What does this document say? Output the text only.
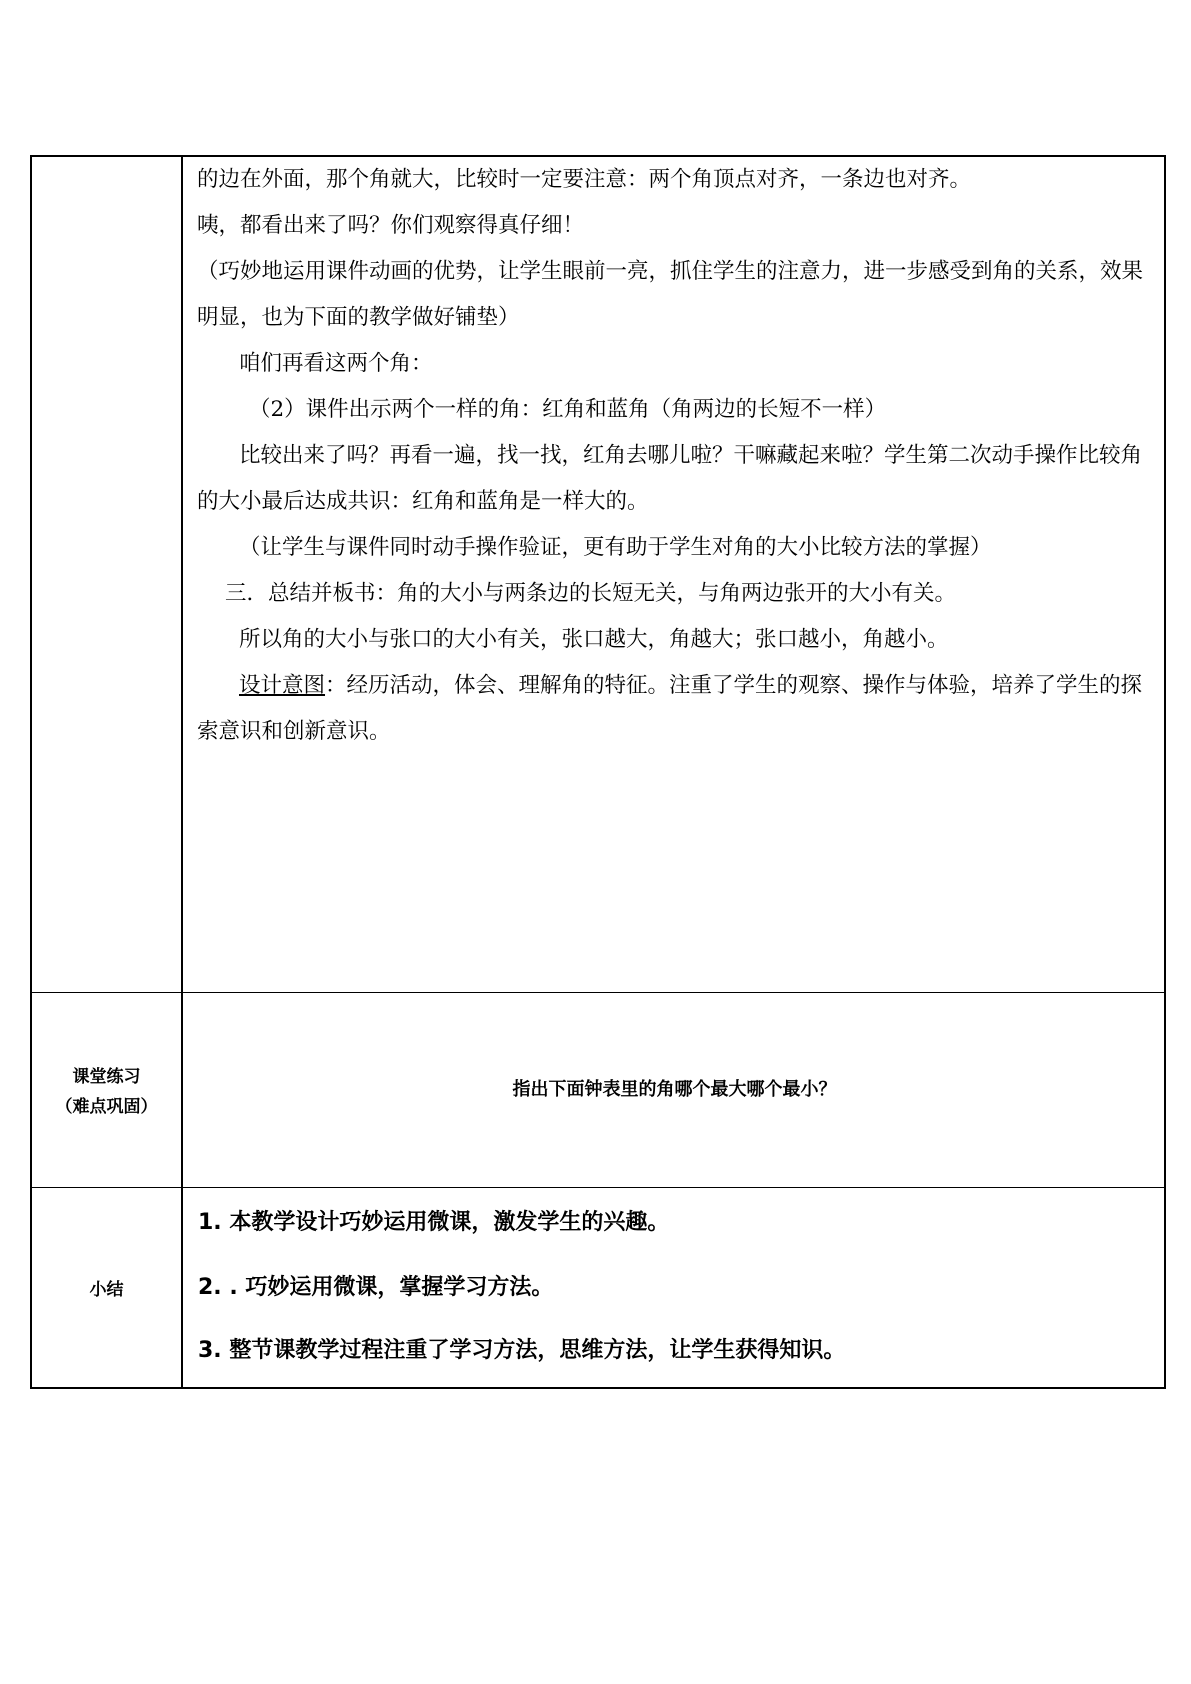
的边在外面，那个角就大，比较时一定要注意：两个角顶点对齐，一条边也对齐。

咦，都看出来了吗？你们观察得真仔细！

（巧妙地运用课件动画的优势，让学生眼前一亮，抓住学生的注意力，进一步感受到角的关系，效果明显，也为下面的教学做好铺垫）

咱们再看这两个角：

（2）课件出示两个一样的角：红角和蓝角（角两边的长短不一样）

比较出来了吗？再看一遍，找一找，红角去哪儿啦？干嘛藏起来啦？学生第二次动手操作比较角的大小最后达成共识：红角和蓝角是一样大的。

（让学生与课件同时动手操作验证，更有助于学生对角的大小比较方法的掌握）

三．总结并板书：角的大小与两条边的长短无关，与角两边张开的大小有关。

所以角的大小与张口的大小有关，张口越大，角越大；张口越小，角越小。

设计意图：经历活动，体会、理解角的特征。注重了学生的观察、操作与体验，培养了学生的探索意识和创新意识。

课堂练习
（难点巩固）
指出下面钟表里的角哪个最大哪个最小？
小结

1. 本教学设计巧妙运用微课，激发学生的兴趣。

2. . 巧妙运用微课，掌握学习方法。

3. 整节课教学过程注重了学习方法，思维方法，让学生获得知识。
